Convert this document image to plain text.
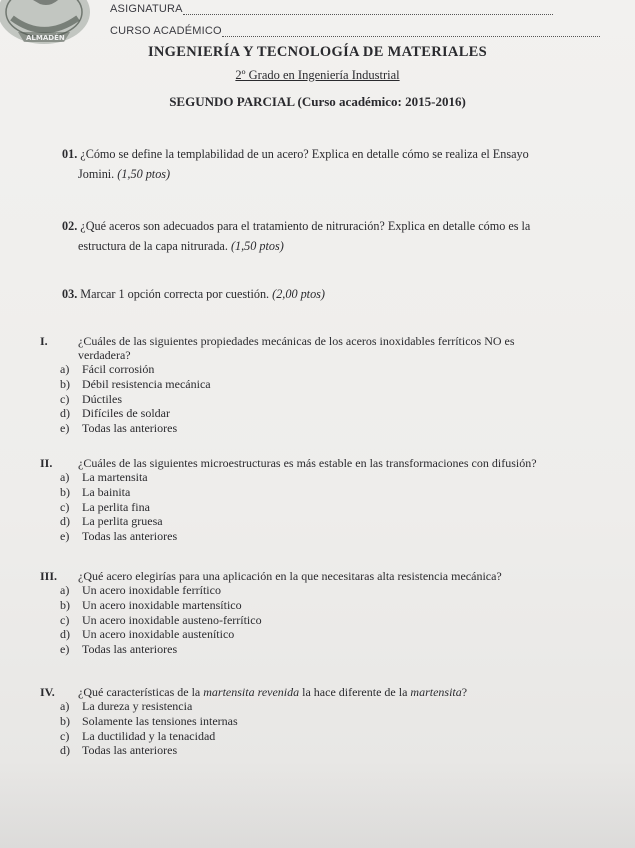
ALMADÉN
ASIGNATURA
CURSO ACADÉMICO
INGENIERÍA Y TECNOLOGÍA DE MATERIALES
2º Grado en Ingeniería Industrial
SEGUNDO PARCIAL (Curso académico: 2015-2016)
01. ¿Cómo se define la templabilidad de un acero? Explica en detalle cómo se realiza el Ensayo
Jomini. (1,50 ptos)
02. ¿Qué aceros son adecuados para el tratamiento de nitruración? Explica en detalle cómo es la
estructura de la capa nitrurada. (1,50 ptos)
03. Marcar 1 opción correcta por cuestión. (2,00 ptos)
I.	¿Cuáles de las siguientes propiedades mecánicas de los aceros inoxidables ferríticos NO es
verdadera?
a) Fácil corrosión
b) Débil resistencia mecánica
c) Dúctiles
d) Difíciles de soldar
e) Todas las anteriores
II. ¿Cuáles de las siguientes microestructuras es más estable en las transformaciones con difusión?
a) La martensita
b) La bainita
c) La perlita fina
d) La perlita gruesa
e) Todas las anteriores
III. ¿Qué acero elegirías para una aplicación en la que necesitaras alta resistencia mecánica?
a) Un acero inoxidable ferrítico
b) Un acero inoxidable martensítico
c) Un acero inoxidable austeno-ferrítico
d) Un acero inoxidable austenítico
e) Todas las anteriores
IV. ¿Qué características de la martensita revenida la hace diferente de la martensita?
a) La dureza y resistencia
b) Solamente las tensiones internas
c) La ductilidad y la tenacidad
d) Todas las anteriores
